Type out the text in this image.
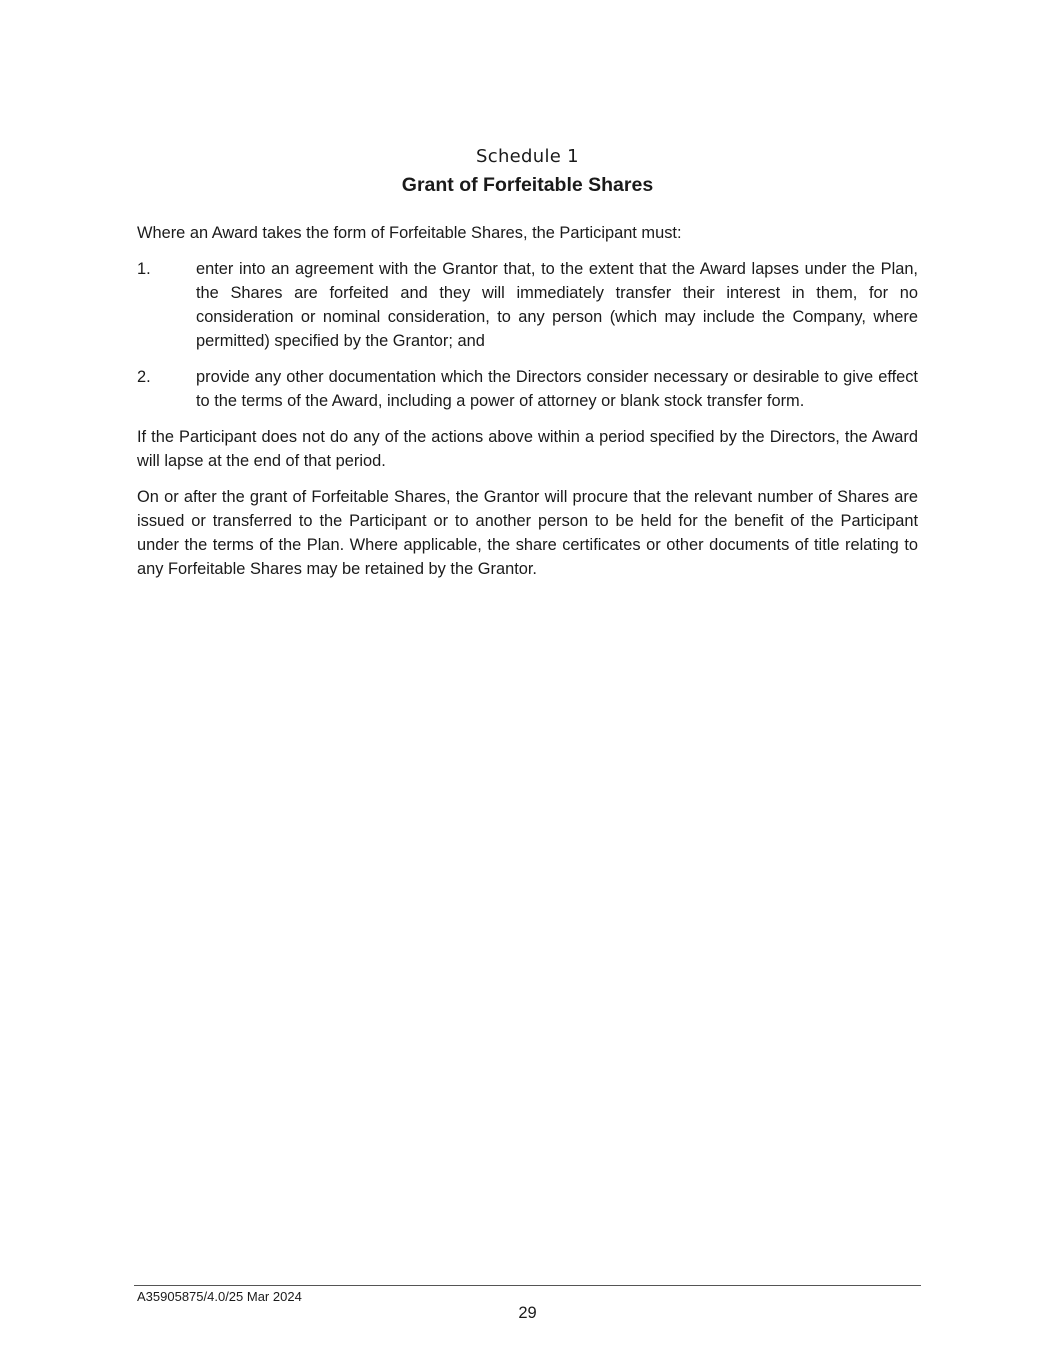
Schedule 1
Grant of Forfeitable Shares

Where an Award takes the form of Forfeitable Shares, the Participant must:

1.	enter into an agreement with the Grantor that, to the extent that the Award lapses under the Plan, the Shares are forfeited and they will immediately transfer their interest in them, for no consideration or nominal consideration, to any person (which may include the Company, where permitted) specified by the Grantor; and
2.	provide any other documentation which the Directors consider necessary or desirable to give effect to the terms of the Award, including a power of attorney or blank stock transfer form.

If the Participant does not do any of the actions above within a period specified by the Directors, the Award will lapse at the end of that period.

On or after the grant of Forfeitable Shares, the Grantor will procure that the relevant number of Shares are issued or transferred to the Participant or to another person to be held for the benefit of the Participant under the terms of the Plan. Where applicable, the share certificates or other documents of title relating to any Forfeitable Shares may be retained by the Grantor.

A35905875/4.0/25 Mar 2024
29
